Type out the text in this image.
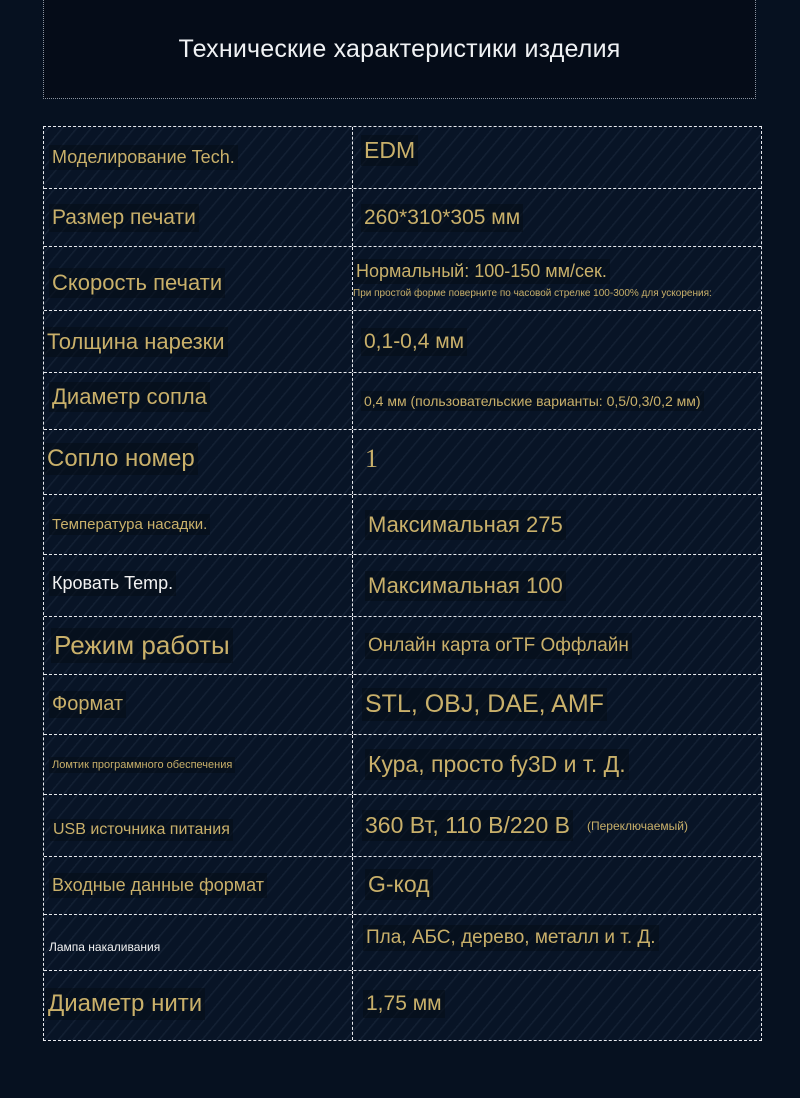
Технические характеристики изделия
Моделирование Tech.	EDM
Размер печати	260*310*305 мм
Скорость печати	Нормальный: 100-150 мм/сек.
При простой форме поверните по часовой стрелке 100-300% для ускорения:
Толщина нарезки	0,1-0,4 мм
Диаметр сопла	0,4 мм (пользовательские варианты: 0,5/0,3/0,2 мм)
Сопло номер	1
Температура насадки.	Максимальная 275
Кровать Temp.	Максимальная 100
Режим работы	Онлайн карта orTF Оффлайн
Формат	STL, OBJ, DAE, AMF
Ломтик программного обеспечения	Кура, просто fy3D и т. Д.
USB источника питания	360 Вт, 110 В/220 В (Переключаемый)
Входные данные формат	G-код
Лампа накаливания	Пла, АБС, дерево, металл и т. Д.
Диаметр нити	1,75 мм
